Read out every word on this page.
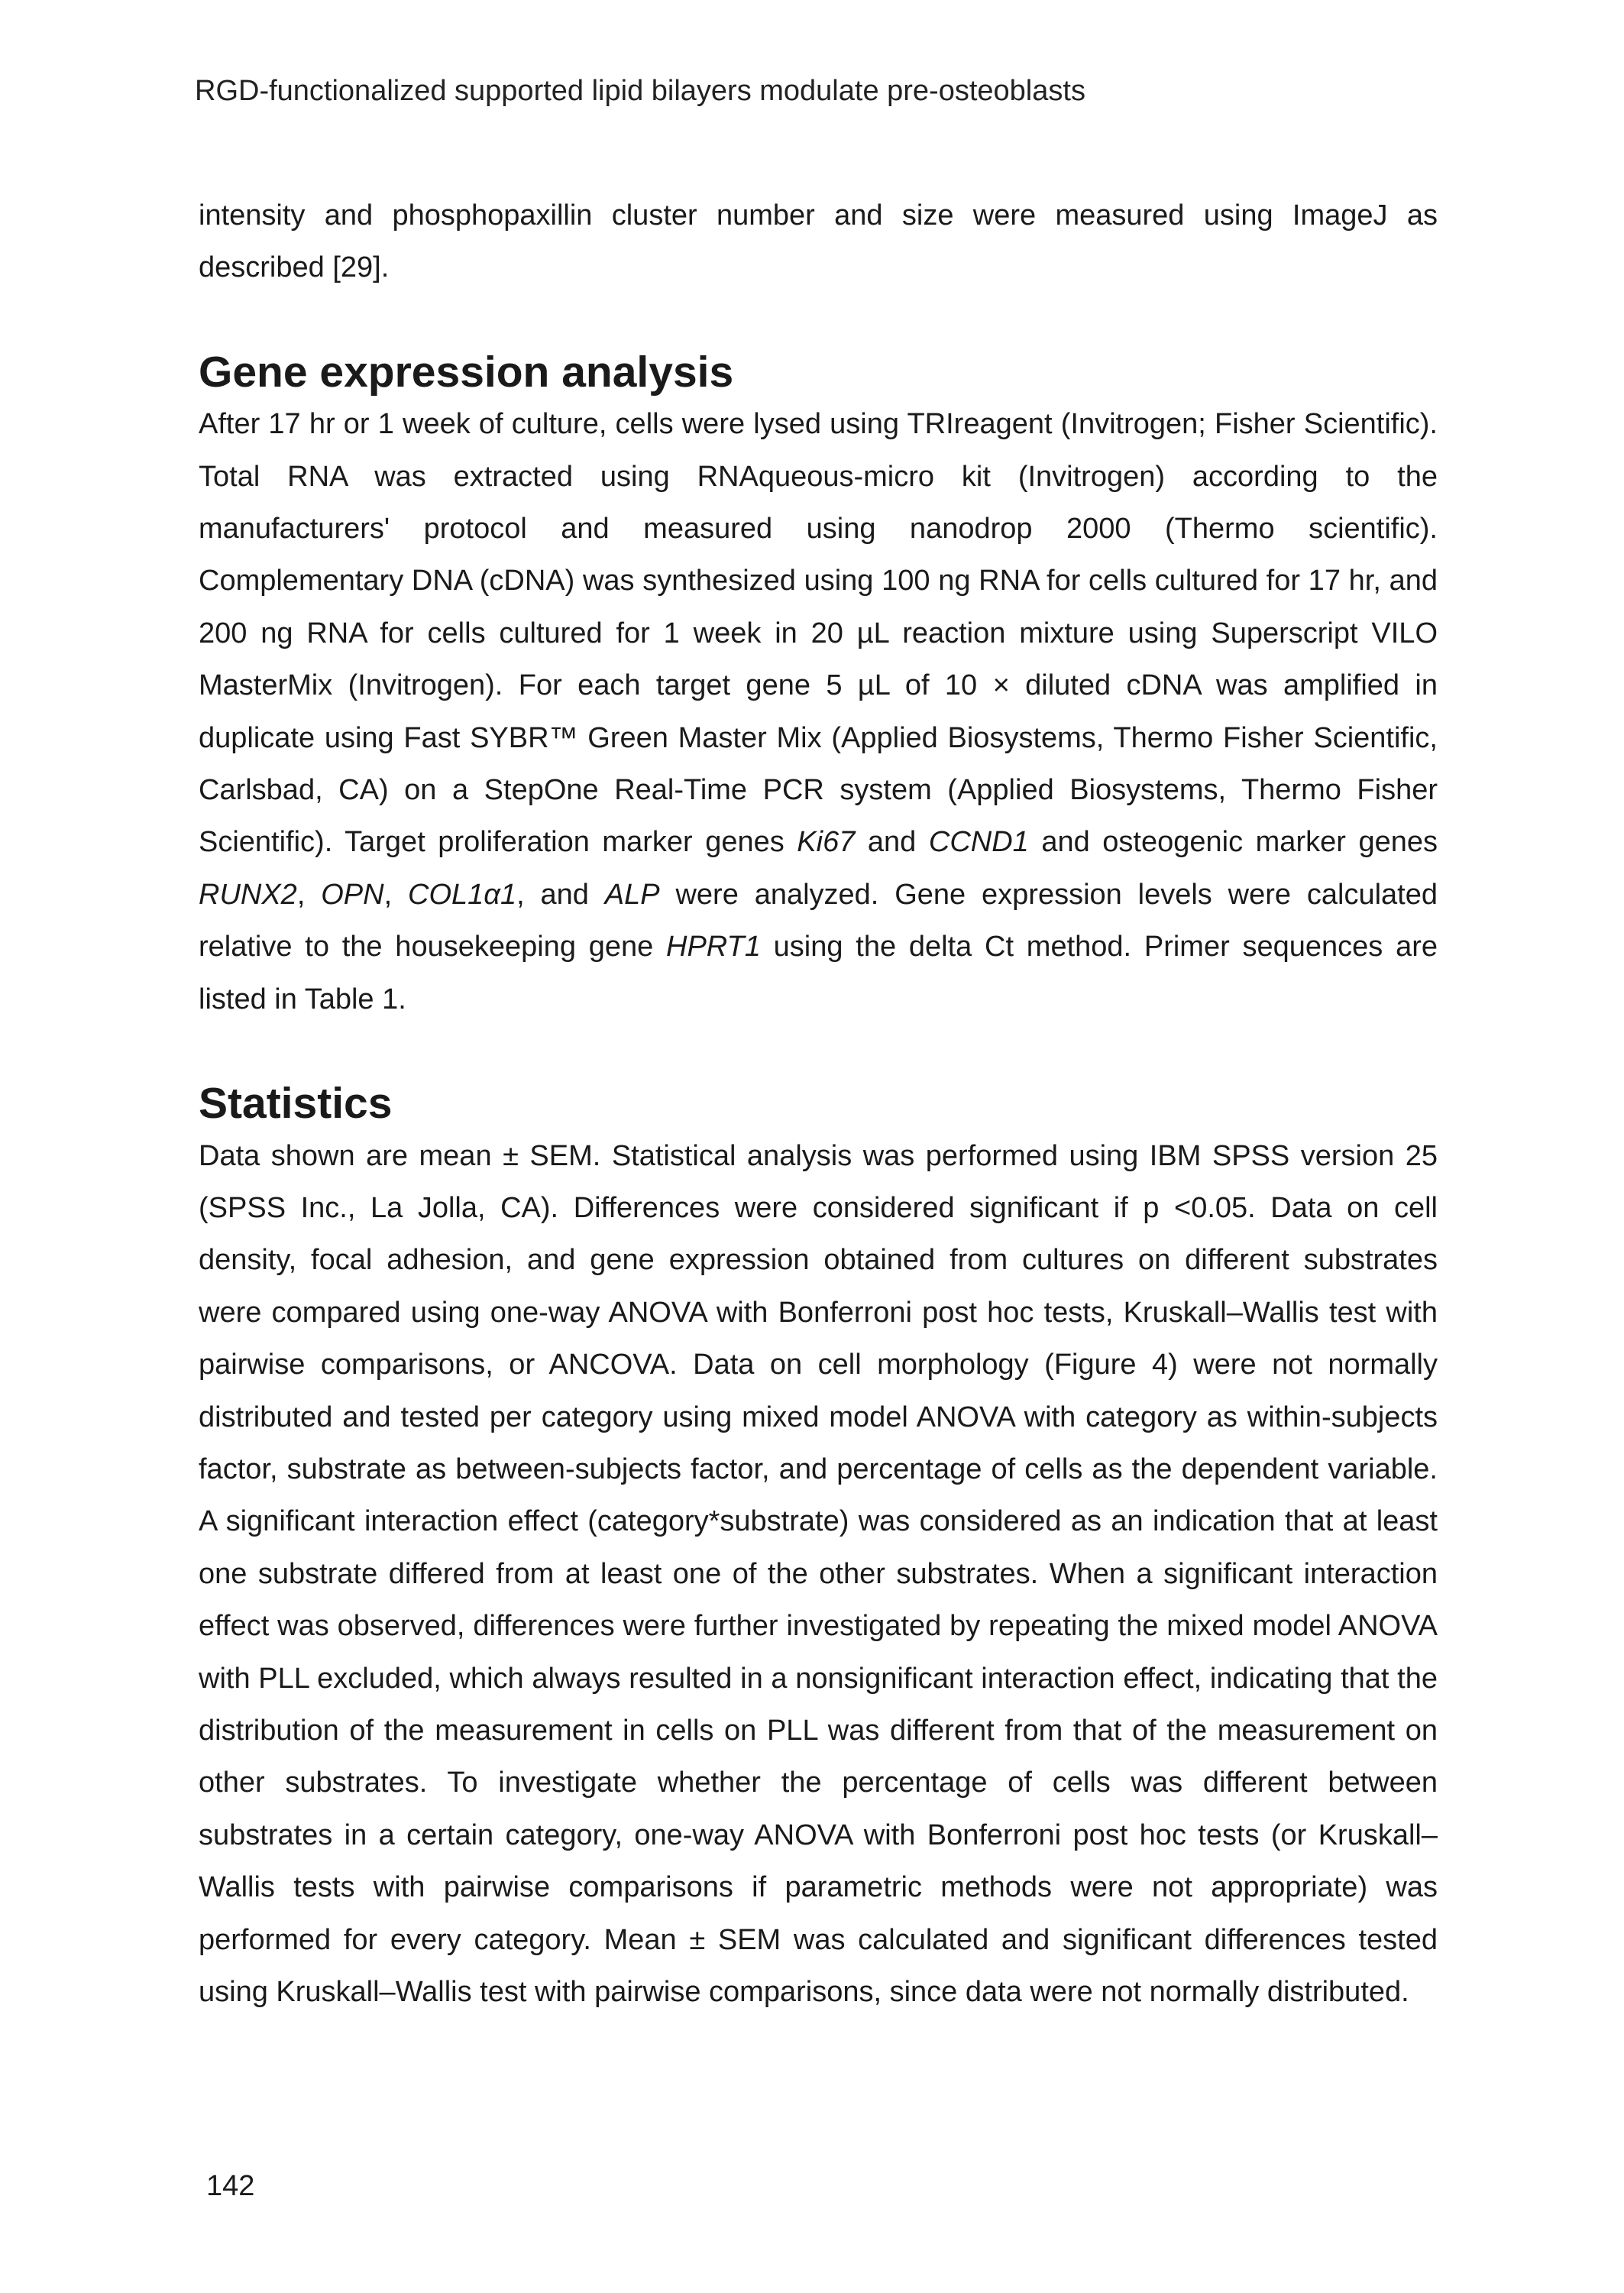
RGD-functionalized supported lipid bilayers modulate pre-osteoblasts

intensity and phosphopaxillin cluster number and size were measured using ImageJ as described [29].

Gene expression analysis

After 17 hr or 1 week of culture, cells were lysed using TRIreagent (Invitrogen; Fisher Scientific). Total RNA was extracted using RNAqueous-micro kit (Invitrogen) according to the manufacturers' protocol and measured using nanodrop 2000 (Thermo scientific). Complementary DNA (cDNA) was synthesized using 100 ng RNA for cells cultured for 17 hr, and 200 ng RNA for cells cultured for 1 week in 20 µL reaction mixture using Superscript VILO MasterMix (Invitrogen). For each target gene 5 µL of 10 × diluted cDNA was amplified in duplicate using Fast SYBR™ Green Master Mix (Applied Biosystems, Thermo Fisher Scientific, Carlsbad, CA) on a StepOne Real-Time PCR system (Applied Biosystems, Thermo Fisher Scientific). Target proliferation marker genes Ki67 and CCND1 and osteogenic marker genes RUNX2, OPN, COL1α1, and ALP were analyzed. Gene expression levels were calculated relative to the housekeeping gene HPRT1 using the delta Ct method. Primer sequences are listed in Table 1.

Statistics

Data shown are mean ± SEM. Statistical analysis was performed using IBM SPSS version 25 (SPSS Inc., La Jolla, CA). Differences were considered significant if p <0.05. Data on cell density, focal adhesion, and gene expression obtained from cultures on different substrates were compared using one-way ANOVA with Bonferroni post hoc tests, Kruskall–Wallis test with pairwise comparisons, or ANCOVA. Data on cell morphology (Figure 4) were not normally distributed and tested per category using mixed model ANOVA with category as within-subjects factor, substrate as between-subjects factor, and percentage of cells as the dependent variable. A significant interaction effect (category*substrate) was considered as an indication that at least one substrate differed from at least one of the other substrates. When a significant interaction effect was observed, differences were further investigated by repeating the mixed model ANOVA with PLL excluded, which always resulted in a nonsignificant interaction effect, indicating that the distribution of the measurement in cells on PLL was different from that of the measurement on other substrates. To investigate whether the percentage of cells was different between substrates in a certain category, one-way ANOVA with Bonferroni post hoc tests (or Kruskall–Wallis tests with pairwise comparisons if parametric methods were not appropriate) was performed for every category. Mean ± SEM was calculated and significant differences tested using Kruskall–Wallis test with pairwise comparisons, since data were not normally distributed.

142
